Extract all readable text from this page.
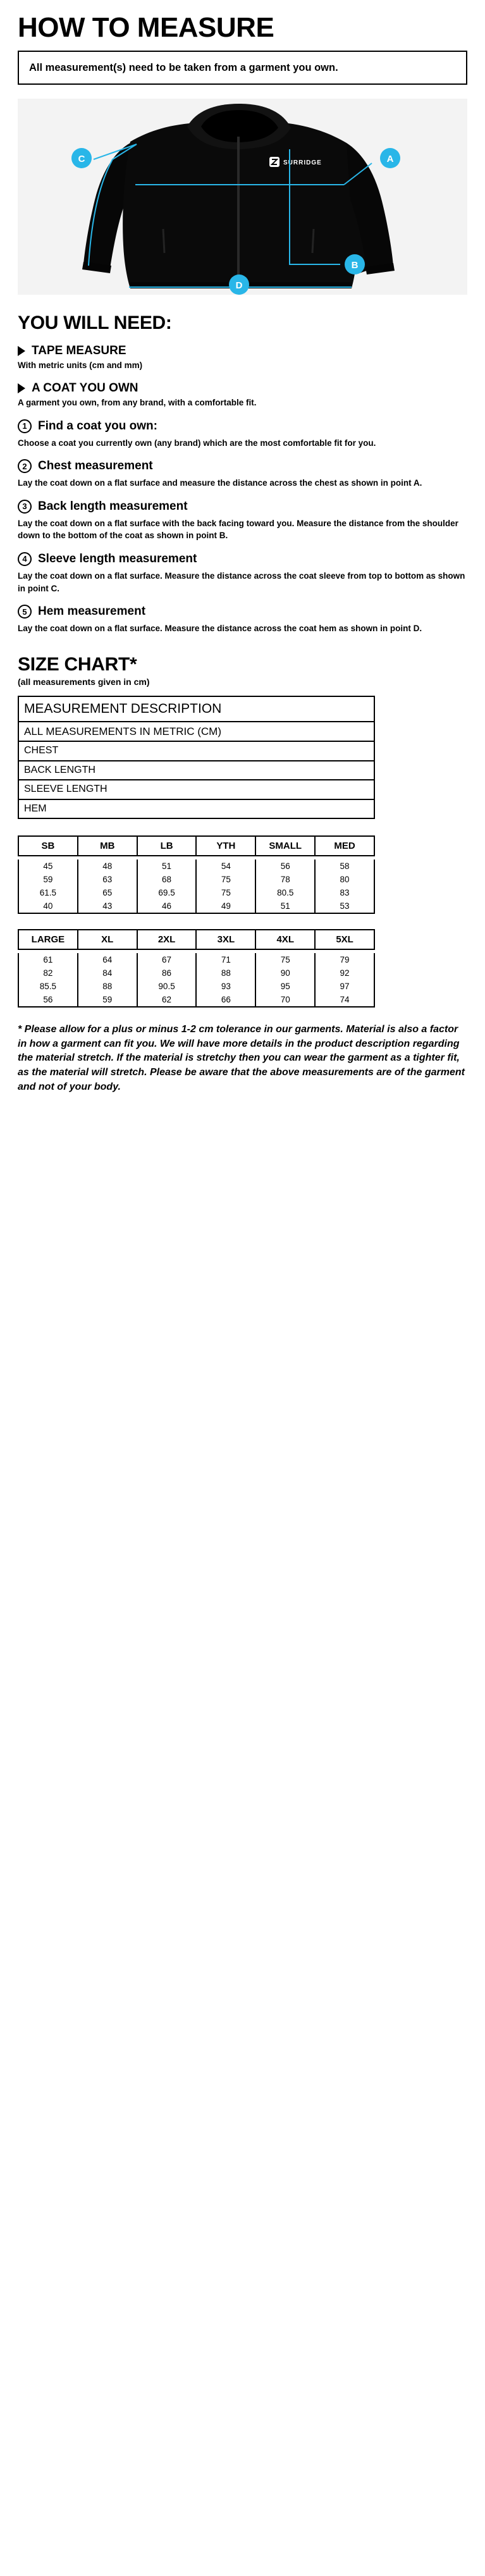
HOW TO MEASURE
All measurement(s) need to be taken from a garment you own.
SURRIDGE	A
B
C
D
YOU WILL NEED:
TAPE MEASURE
With metric units (cm and mm)
A COAT YOU OWN
A garment you own, from any brand, with a comfortable fit.
1 Find a coat you own:
Choose a coat you currently own (any brand) which are the most comfortable fit for you.
2 Chest measurement
Lay the coat down on a flat surface and measure the distance across the chest as shown in point A.
3 Back length measurement
Lay the coat down on a flat surface with the back facing toward you. Measure the distance from the shoulder down to the bottom of the coat as shown in point B.
4 Sleeve length measurement
Lay the coat down on a flat surface. Measure the distance across the coat sleeve from top to bottom as shown in point C.
5 Hem measurement
Lay the coat down on a flat surface. Measure the distance across the coat hem as shown in point D.
SIZE CHART*
(all measurements given in cm)
MEASUREMENT DESCRIPTION
ALL MEASUREMENTS IN METRIC (CM)
CHEST
BACK LENGTH
SLEEVE LENGTH
HEM
SB	MB	LB	YTH	SMALL	MED

45	48	51	54	56	58
59	63	68	75	78	80
61.5	65	69.5	75	80.5	83
40	43	46	49	51	53
LARGE	XL	2XL	3XL	4XL	5XL

61	64	67	71	75	79
82	84	86	88	90	92
85.5	88	90.5	93	95	97
56	59	62	66	70	74
* Please allow for a plus or minus 1-2 cm tolerance in our garments. Material is also a factor in how a garment can fit you. We will have more details in the product description regarding the material stretch. If the material is stretchy then you can wear the garment as a tighter fit, as the material will stretch. Please be aware that the above measurements are of the garment and not of your body.
